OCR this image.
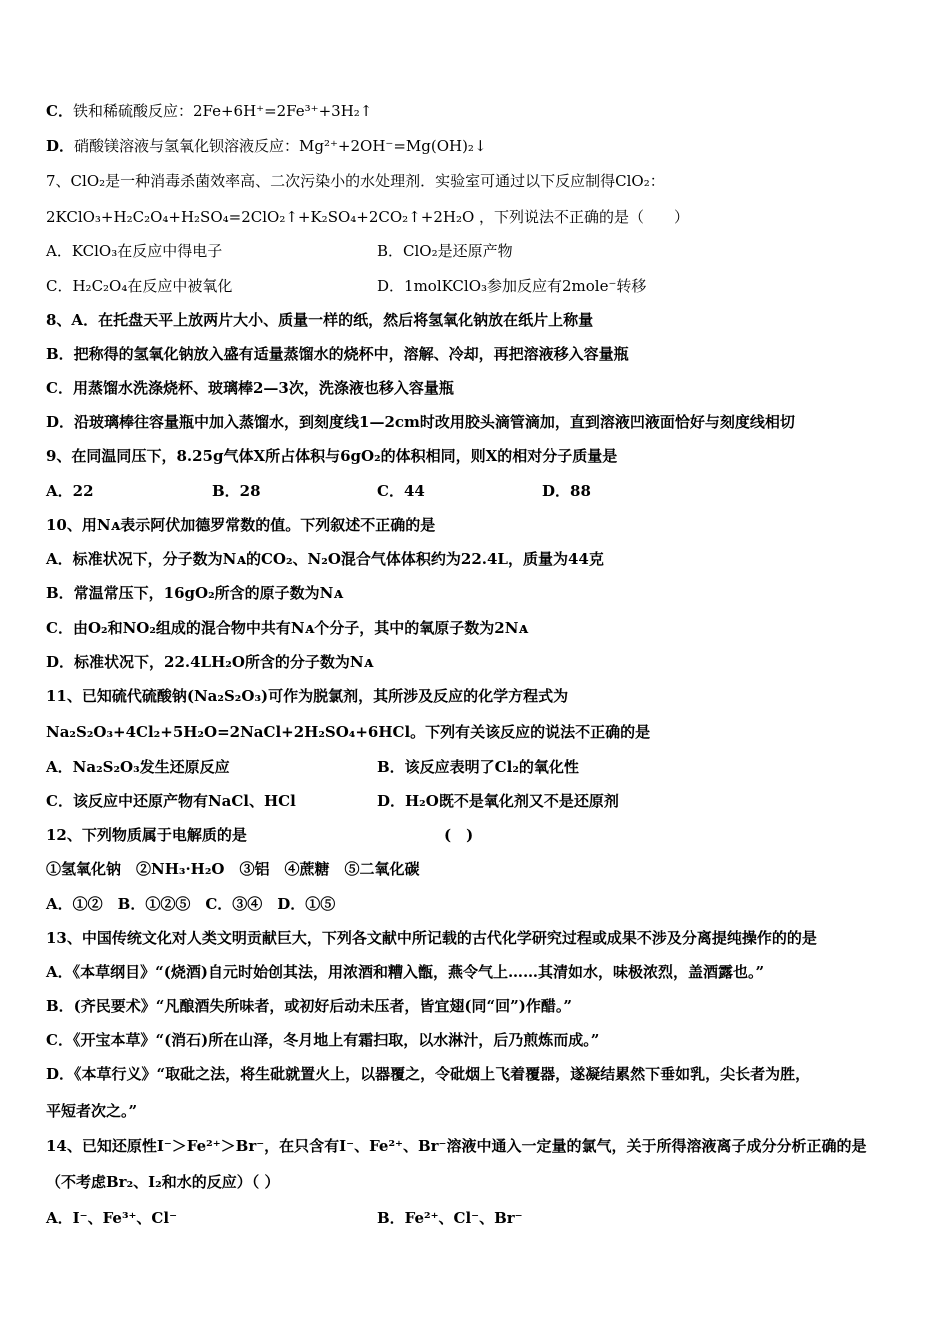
C．铁和稀硫酸反应：2Fe+6H⁺=2Fe³⁺+3H₂↑
D．硝酸镁溶液与氢氧化钡溶液反应：Mg²⁺+2OH⁻=Mg(OH)₂↓
7、ClO₂是一种消毒杀菌效率高、二次污染小的水处理剂．实验室可通过以下反应制得ClO₂：
2KClO₃+H₂C₂O₄+H₂SO₄=2ClO₂↑+K₂SO₄+2CO₂↑+2H₂O ，下列说法不正确的是（　　）
A．KClO₃在反应中得电子	B．ClO₂是还原产物
C．H₂C₂O₄在反应中被氧化	D．1molKClO₃参加反应有2mole⁻转移
8、A．在托盘天平上放两片大小、质量一样的纸，然后将氢氧化钠放在纸片上称量
B．把称得的氢氧化钠放入盛有适量蒸馏水的烧杯中，溶解、冷却，再把溶液移入容量瓶
C．用蒸馏水洗涤烧杯、玻璃棒2—3次，洗涤液也移入容量瓶
D．沿玻璃棒往容量瓶中加入蒸馏水，到刻度线1—2cm时改用胶头滴管滴加，直到溶液凹液面恰好与刻度线相切
9、在同温同压下，8.25g气体X所占体积与6gO₂的体积相同，则X的相对分子质量是
A．22	B．28	C．44	D．88
10、用Nᴀ表示阿伏加德罗常数的值。下列叙述不正确的是
A．标准状况下，分子数为Nᴀ的CO₂、N₂O混合气体体积约为22.4L，质量为44克
B．常温常压下，16gO₂所含的原子数为Nᴀ
C．由O₂和NO₂组成的混合物中共有Nᴀ个分子，其中的氧原子数为2Nᴀ
D．标准状况下，22.4LH₂O所含的分子数为Nᴀ
11、已知硫代硫酸钠(Na₂S₂O₃)可作为脱氯剂，其所涉及反应的化学方程式为
Na₂S₂O₃+4Cl₂+5H₂O=2NaCl+2H₂SO₄+6HCl。下列有关该反应的说法不正确的是
A．Na₂S₂O₃发生还原反应	B．该反应表明了Cl₂的氧化性
C．该反应中还原产物有NaCl、HCl	D．H₂O既不是氧化剂又不是还原剂
12、下列物质属于电解质的是	(　)
①氢氧化钠　②NH₃·H₂O　③铝　④蔗糖　⑤二氧化碳
A．①②　B．①②⑤　C．③④　D．①⑤
13、中国传统文化对人类文明贡献巨大，下列各文献中所记载的古代化学研究过程或成果不涉及分离提纯操作的的是
A．《本草纲目》“(烧酒)自元时始创其法，用浓酒和糟入甑，燕令气上……其清如水，味极浓烈，盖酒露也。”
B．(齐民要术》“凡酿酒失所味者，或初好后动未压者，皆宜翅(同“回”)作醋。”
C．《开宝本草》“(消石)所在山泽，冬月地上有霜扫取，以水淋汁，后乃煎炼而成。”
D．《本草行义》“取砒之法，将生砒就置火上，以器覆之，令砒烟上飞着覆器，遂凝结累然下垂如乳，尖长者为胜，
平短者次之。”
14、已知还原性I⁻＞Fe²⁺＞Br⁻，在只含有I⁻、Fe²⁺、Br⁻溶液中通入一定量的氯气，关于所得溶液离子成分分析正确的是
（不考虑Br₂、I₂和水的反应）（ ）
A．I⁻、Fe³⁺、Cl⁻	B．Fe²⁺、Cl⁻、Br⁻
